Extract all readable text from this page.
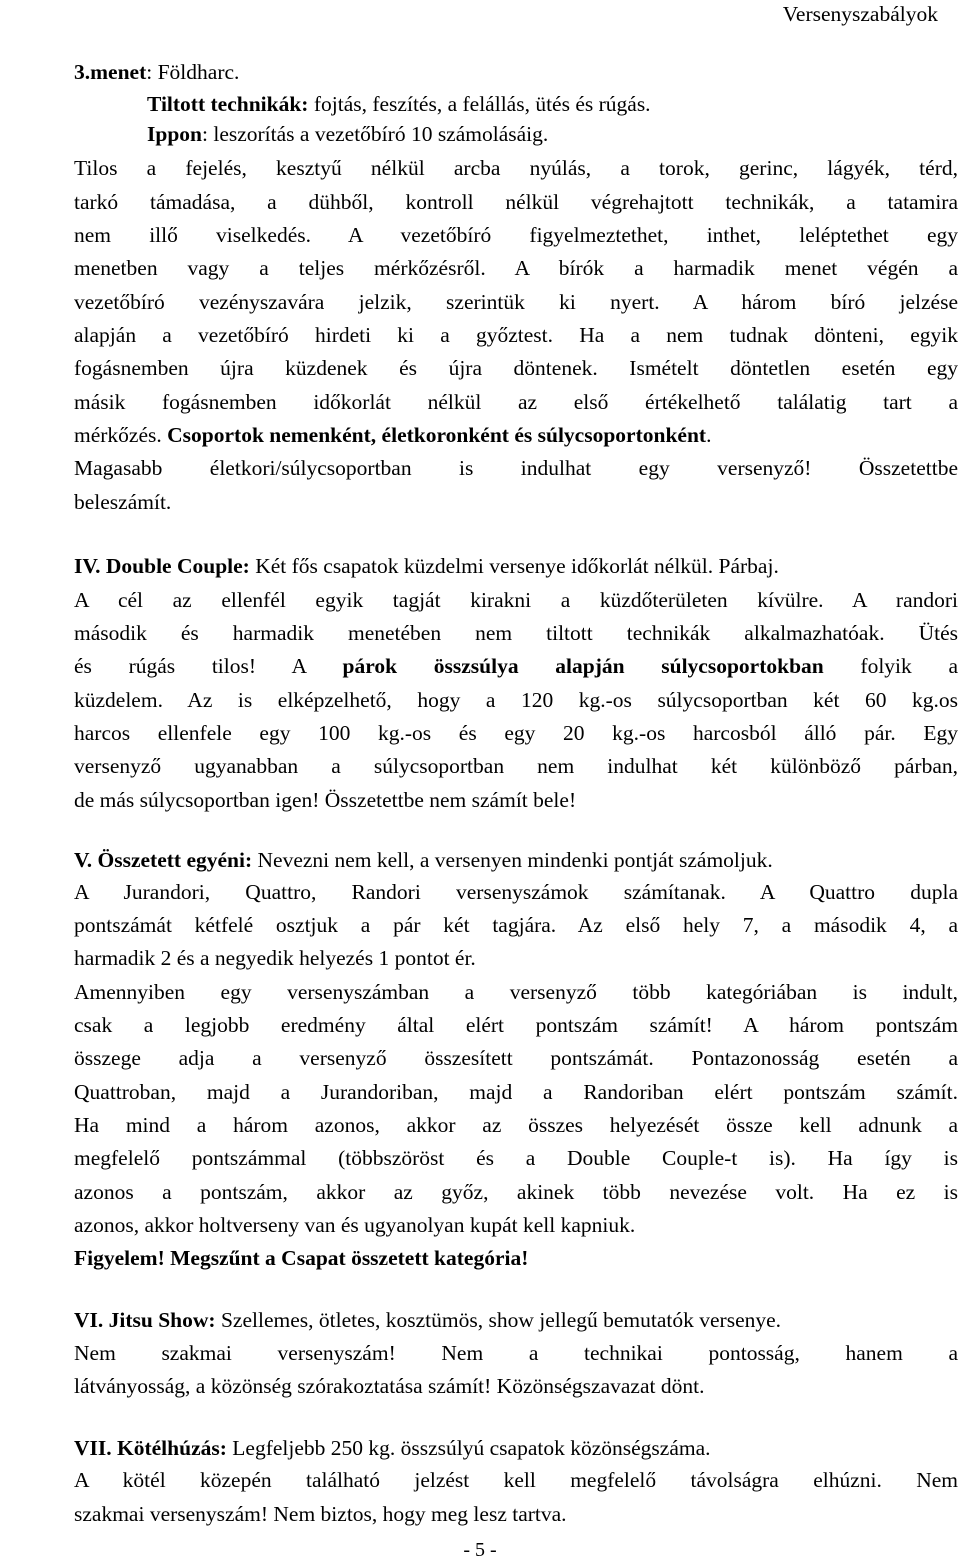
Versenyszabályok
3.menet: Földharc.
Tiltott technikák: fojtás, feszítés, a felállás, ütés és rúgás.
Ippon: leszorítás a vezetőbíró 10 számolásáig.
Tilos a fejelés, kesztyű nélkül arcba nyúlás, a torok, gerinc, lágyék, térd,
tarkó támadása, a dühből, kontroll nélkül végrehajtott technikák, a tatamira
nem illő viselkedés. A vezetőbíró figyelmeztethet, inthet, leléptethet egy
menetben vagy a teljes mérkőzésről. A bírók a harmadik menet végén a
vezetőbíró vezényszavára jelzik, szerintük ki nyert. A három bíró jelzése
alapján a vezetőbíró hirdeti ki a győztest. Ha a nem tudnak dönteni, egyik
fogásnemben újra küzdenek és újra döntenek. Ismételt döntetlen esetén egy
másik fogásnemben időkorlát nélkül az első értékelhető találatig tart a
mérkőzés. Csoportok nemenként, életkoronként és súlycsoportonként.
Magasabb életkori/súlycsoportban is indulhat egy versenyző! Összetettbe
beleszámít.
IV. Double Couple: Két fős csapatok küzdelmi versenye időkorlát nélkül. Párbaj.
A cél az ellenfél egyik tagját kirakni a küzdőterületen kívülre. A randori
második és harmadik menetében nem tiltott technikák alkalmazhatóak. Ütés
és rúgás tilos! A párok összsúlya alapján súlycsoportokban folyik a
küzdelem. Az is elképzelhető, hogy a 120 kg.-os súlycsoportban két 60 kg.os
harcos ellenfele egy 100 kg.-os és egy 20 kg.-os harcosból álló pár. Egy
versenyző ugyanabban a súlycsoportban nem indulhat két különböző párban,
de más súlycsoportban igen! Összetettbe nem számít bele!
V. Összetett egyéni: Nevezni nem kell, a versenyen mindenki pontját számoljuk.
A Jurandori, Quattro, Randori versenyszámok számítanak. A Quattro dupla
pontszámát kétfelé osztjuk a pár két tagjára. Az első hely 7, a második 4, a
harmadik 2 és a negyedik helyezés 1 pontot ér.
Amennyiben egy versenyszámban a versenyző több kategóriában is indult,
csak a legjobb eredmény által elért pontszám számít! A három pontszám
összege adja a versenyző összesített pontszámát. Pontazonosság esetén a
Quattroban, majd a Jurandoriban, majd a Randoriban elért pontszám számít.
Ha mind a három azonos, akkor az összes helyezését össze kell adnunk a
megfelelő pontszámmal (többszöröst és a Double Couple-t is). Ha így is
azonos a pontszám, akkor az győz, akinek több nevezése volt. Ha ez is
azonos, akkor holtverseny van és ugyanolyan kupát kell kapniuk.
Figyelem! Megszűnt a Csapat összetett kategória!
VI. Jitsu Show: Szellemes, ötletes, kosztümös, show jellegű bemutatók versenye.
Nem szakmai versenyszám! Nem a technikai pontosság, hanem a
látványosság, a közönség szórakoztatása számít! Közönségszavazat dönt.
VII. Kötélhúzás: Legfeljebb 250 kg. összsúlyú csapatok közönségszáma.
A kötél közepén található jelzést kell megfelelő távolságra elhúzni. Nem
szakmai versenyszám! Nem biztos, hogy meg lesz tartva.
- 5 -
